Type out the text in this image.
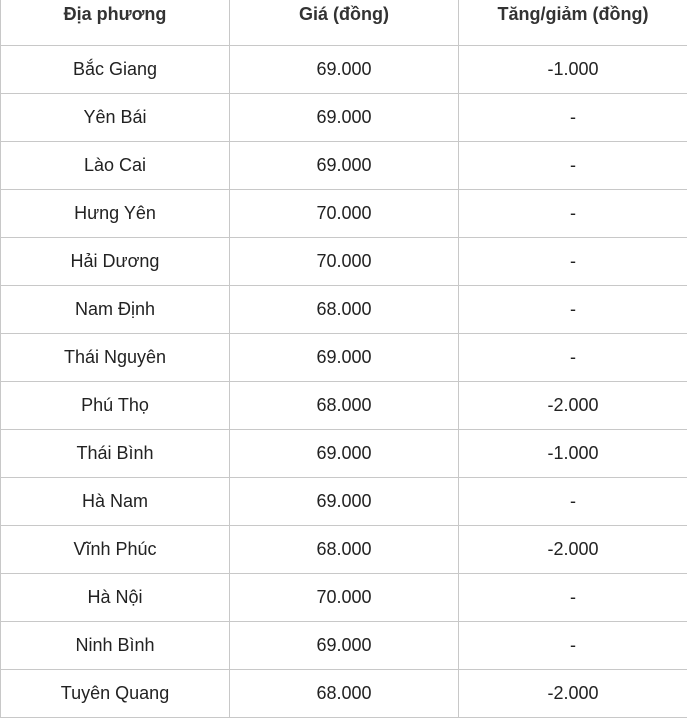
Địa phương	Giá (đồng)	Tăng/giảm (đồng)
Bắc Giang	69.000	-1.000
Yên Bái	69.000	-
Lào Cai	69.000	-
Hưng Yên	70.000	-
Hải Dương	70.000	-
Nam Định	68.000	-
Thái Nguyên	69.000	-
Phú Thọ	68.000	-2.000
Thái Bình	69.000	-1.000
Hà Nam	69.000	-
Vĩnh Phúc	68.000	-2.000
Hà Nội	70.000	-
Ninh Bình	69.000	-
Tuyên Quang	68.000	-2.000
